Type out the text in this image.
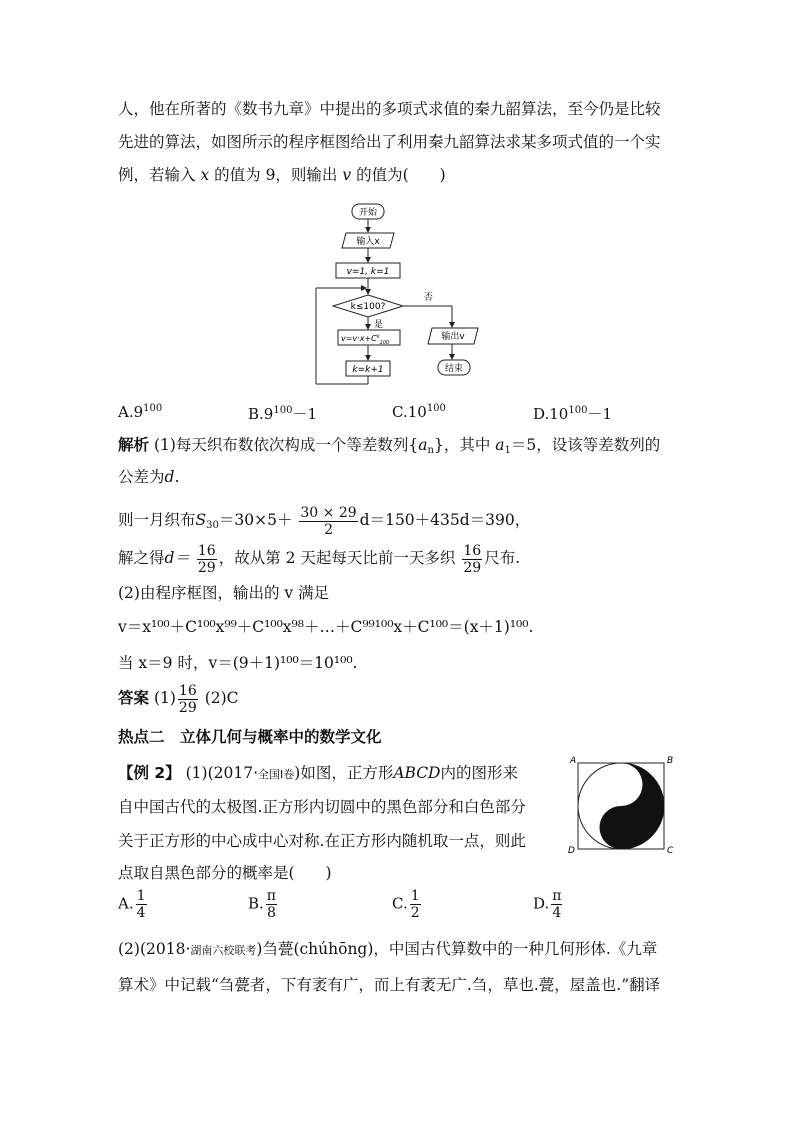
人，他在所著的《数书九章》中提出的多项式求值的秦九韶算法，至今仍是比较
先进的算法，如图所示的程序框图给出了利用秦九韶算法求某多项式值的一个实
例，若输入 x 的值为 9，则输出 v 的值为(　　)
开始
输入x
v=1, k=1
k≤100?
否
是
$v=v\cdot x+C^k_{100}$
k=k+1
输出v
结束
$A.9^{100}$	$B.9^{100}-1$	$C.10^{100}$	$D.10^{100}-1$
解析 (1)每天织布数依次构成一个等差数列$\{a_n\}$，其中 $a_1=5$，设该等差数列的
公差为d.
则一月织布$S_{30}=30\times 5+ \frac{30 \times 29}{2} d=150+435d=390$，
解之得$d= \frac{16}{29}$ ，故从第 2 天起每天比前一天多织 $\frac{16}{29}$ 尺布.
(2)由程序框图，输出的 v 满足
v＝x¹⁰⁰＋C¹⁰⁰x⁹⁹＋C¹⁰⁰x⁹⁸＋…＋C⁹⁹¹⁰⁰x＋C¹⁰⁰＝(x＋1)¹⁰⁰.
当 x＝9 时，v＝(9＋1)¹⁰⁰＝10¹⁰⁰.
答案 $(1) \frac{16}{29} (2)C$
热点二　立体几何与概率中的数学文化
【例 2】 (1)(2017·全国Ⅰ卷)如图，正方形ABCD内的图形来
自中国古代的太极图.正方形内切圆中的黑色部分和白色部分
关于正方形的中心成中心对称.在正方形内随机取一点，则此
点取自黑色部分的概率是(　　)
A	B
C
D
A. $\frac{1}{4}$	B. $\frac{\pi}{8}$	C. $\frac{1}{2}$	D. $\frac{\pi}{4}$
(2)(2018·湖南六校联考)刍甍(chúhōng)，中国古代算数中的一种几何形体.《九章
算术》中记载“刍甍者，下有袤有广，而上有袤无广.刍，草也.甍，屋盖也.”翻译
